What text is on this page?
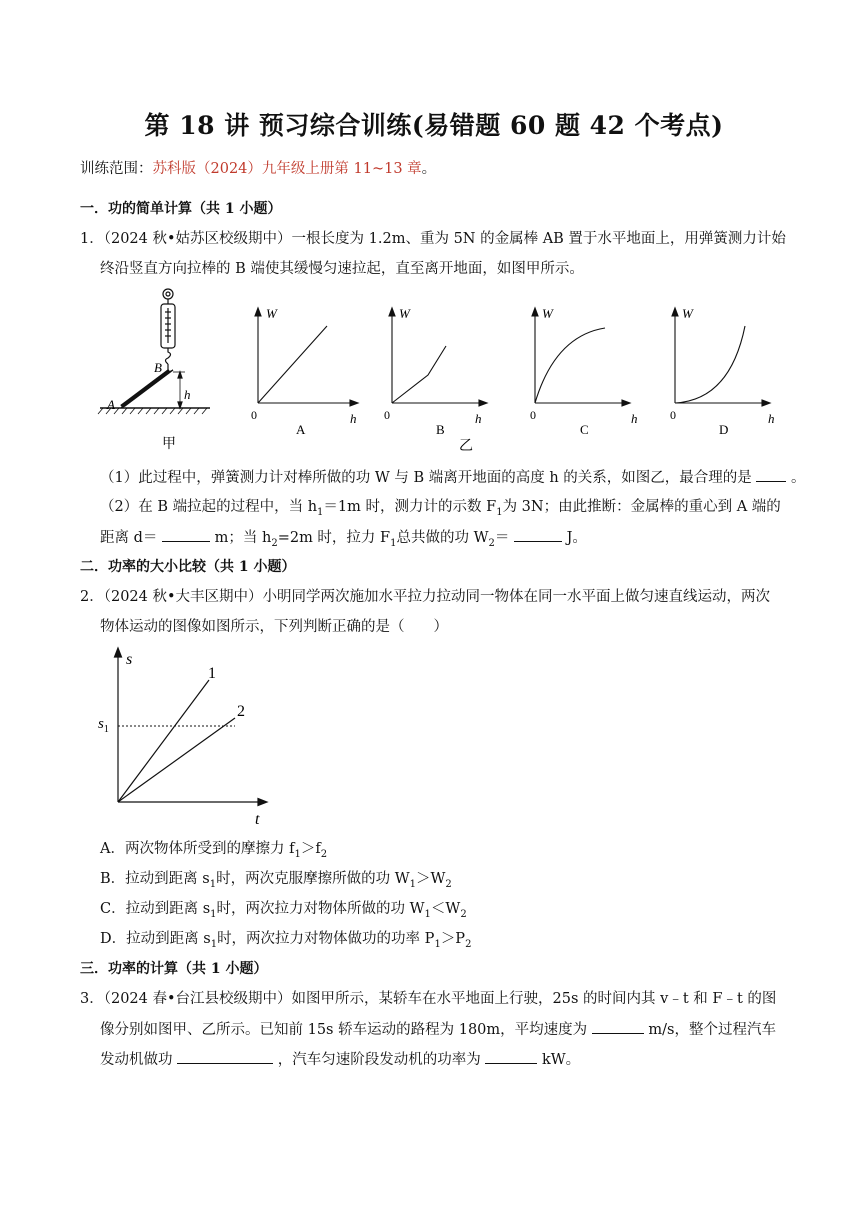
第 18 讲 预习综合训练(易错题 60 题 42 个考点)
训练范围：苏科版（2024）九年级上册第 11~13 章。
一．功的简单计算（共 1 小题）
1．（2024 秋•姑苏区校级期中）一根长度为 1.2m、重为 5N 的金属棒 AB 置于水平地面上，用弹簧测力计始
终沿竖直方向拉棒的 B 端使其缓慢匀速拉起，直至离开地面，如图甲所示。
B
A
h
甲
W
0	h
A
W
0	h
B
乙
W
0	h
C
W
0	h
D
（1）此过程中，弹簧测力计对棒所做的功 W 与 B 端离开地面的高度 h 的关系，如图乙，最合理的是	。
（2）在 B 端拉起的过程中，当 $h_1=1m$ 时，测力计的示数 $F_1$为 3N；由此推断：金属棒的重心到 A 端的
距离 d＝	m；当 $h_2=2m$ 时，拉力 $F_1$总共做的功 $W_2=$	J。
二．功率的大小比较（共 1 小题）
2．（2024 秋•大丰区期中）小明同学两次施加水平拉力拉动同一物体在同一水平面上做匀速直线运动，两次
物体运动的图像如图所示，下列判断正确的是（　　）
s
t
$s_1$
1
2
A．两次物体所受到的摩擦力 $f_1>f_2$
B．拉动到距离 $s_1$时，两次克服摩擦所做的功 $W_1>W_2$
C．拉动到距离 $s_1$时，两次拉力对物体所做的功 $W_1<W_2$
D．拉动到距离 $s_1$时，两次拉力对物体做功的功率 $P_1>P_2$
三．功率的计算（共 1 小题）
3．（2024 春•台江县校级期中）如图甲所示，某轿车在水平地面上行驶，25s 的时间内其 v﹣t 和 F﹣t 的图
像分别如图甲、乙所示。已知前 15s 轿车运动的路程为 180m，平均速度为	m/s，整个过程汽车
发动机做功	，汽车匀速阶段发动机的功率为	kW。
